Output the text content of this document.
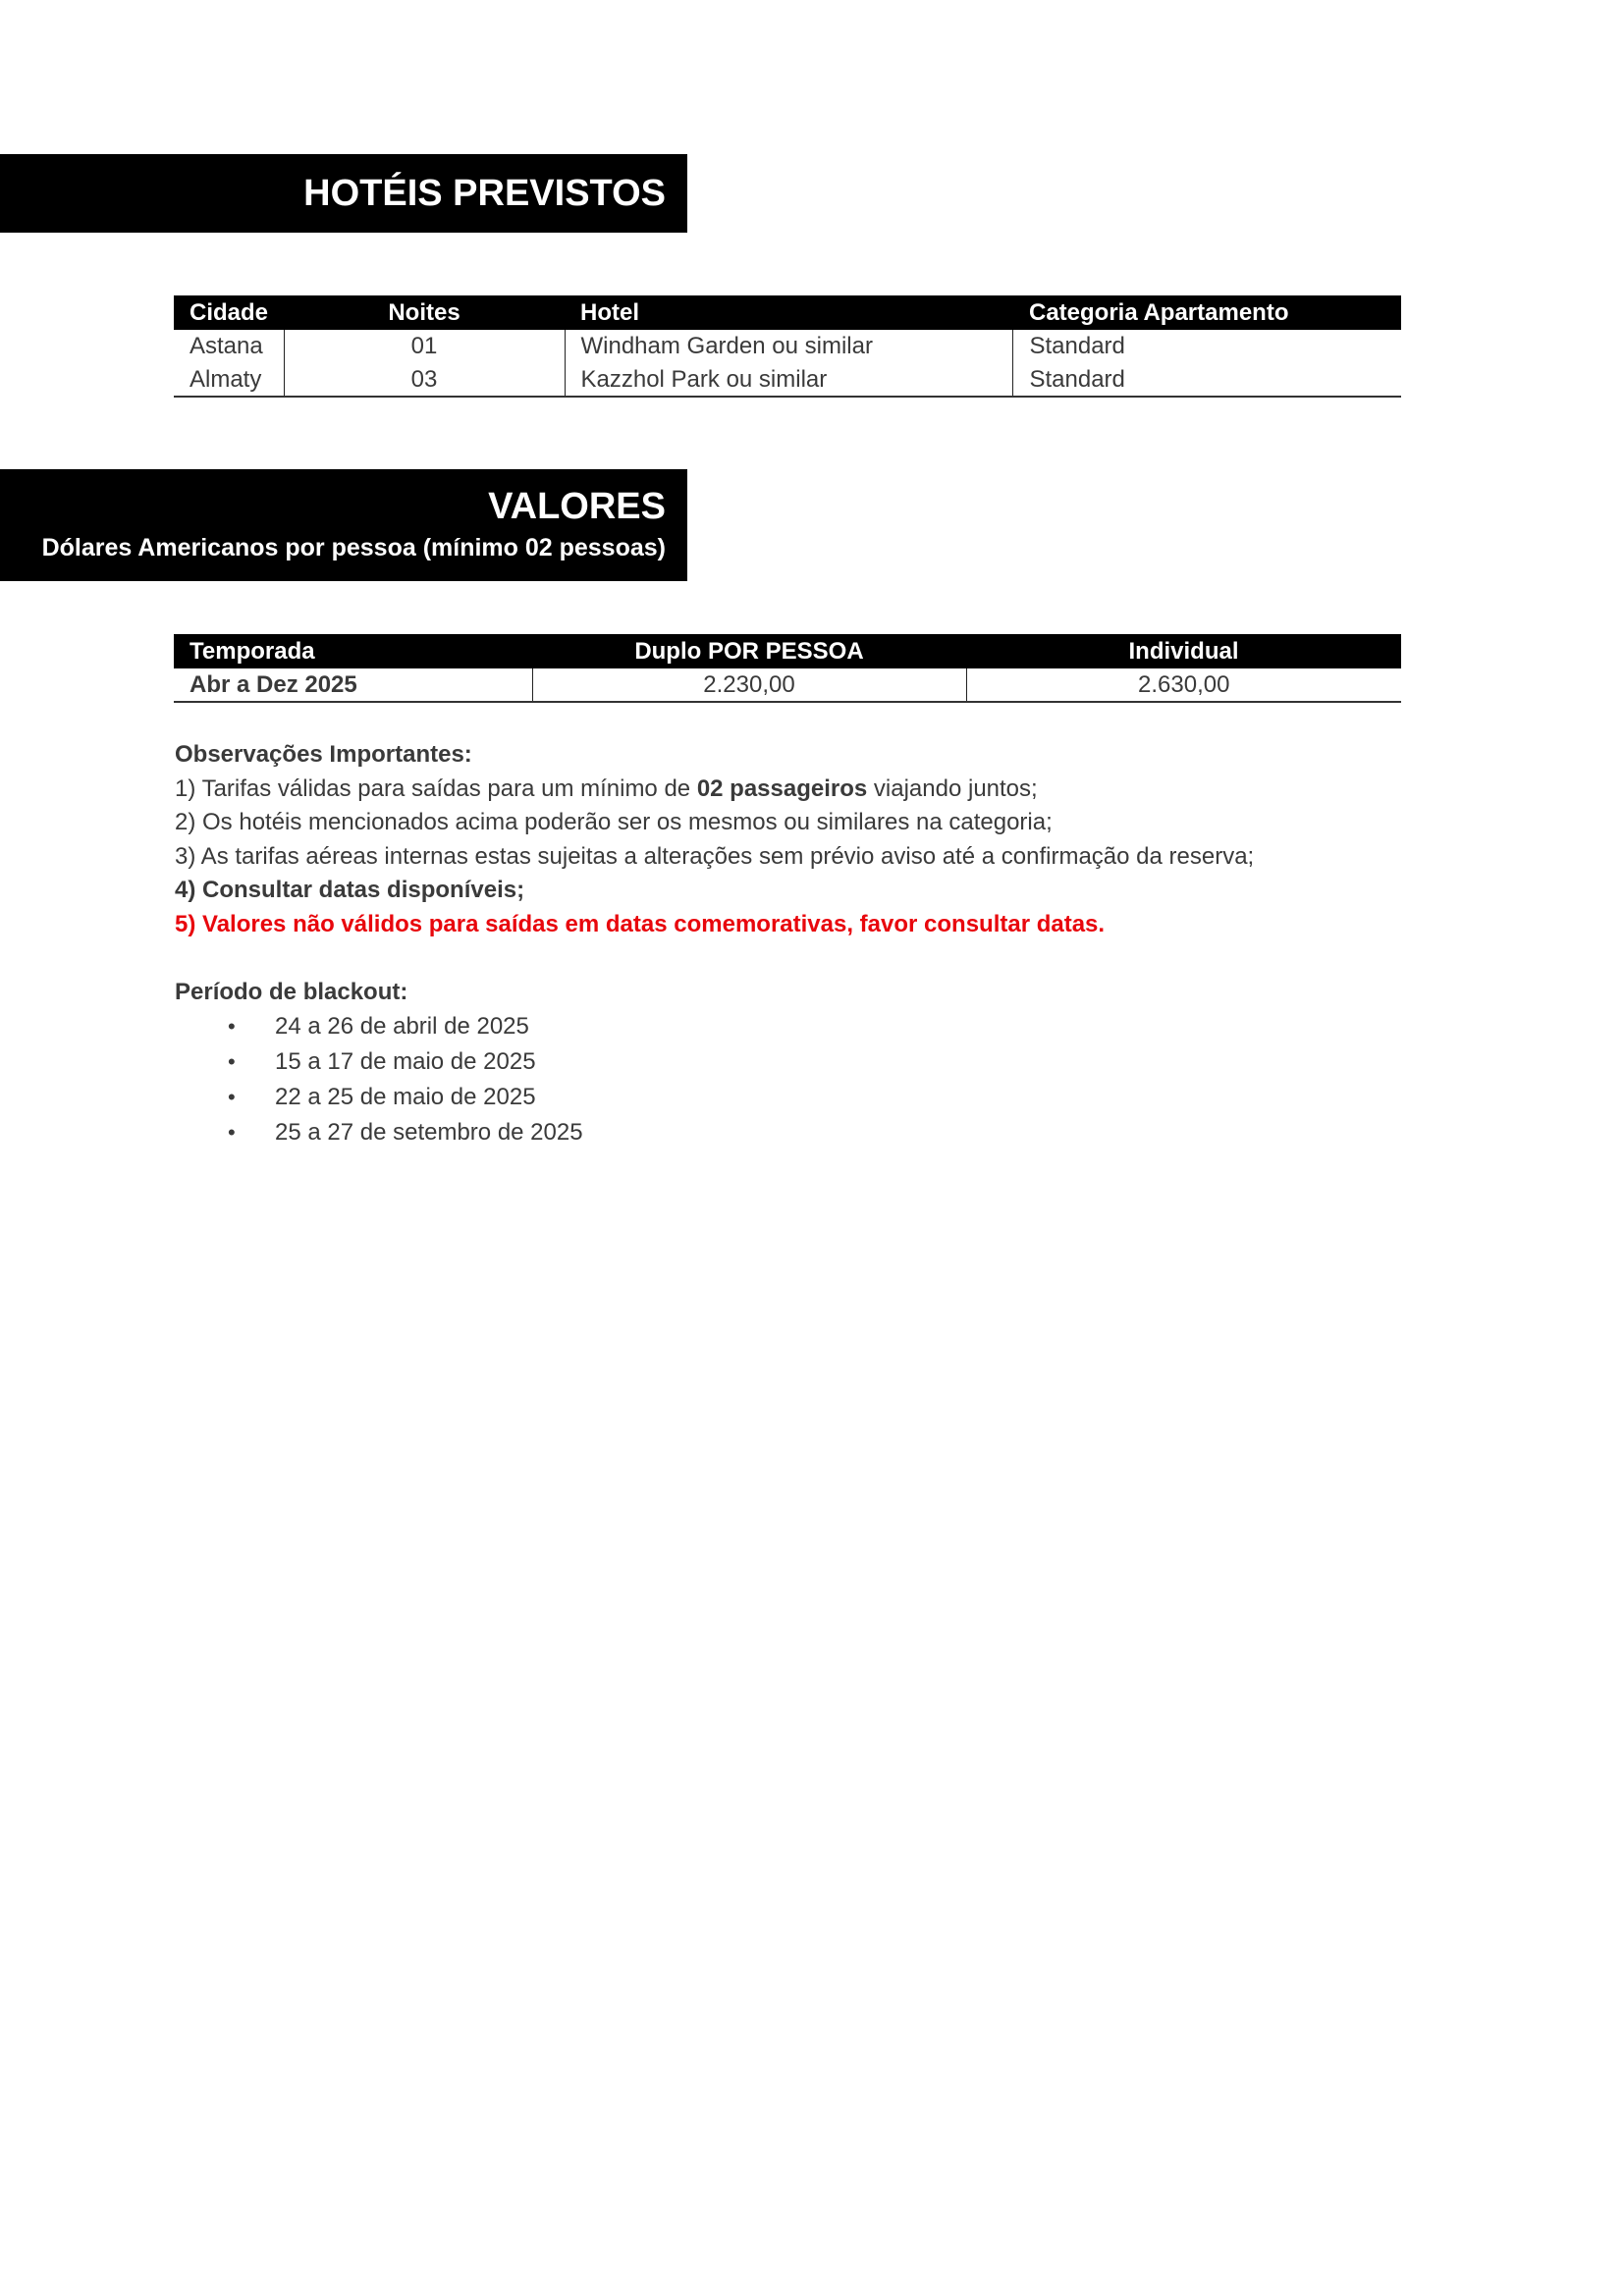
HOTÉIS PREVISTOS
Cidade	Noites	Hotel	Categoria Apartamento
Astana	01	Windham Garden ou similar	Standard
Almaty	03	Kazzhol Park ou similar	Standard
VALORES
Dólares Americanos por pessoa (mínimo 02 pessoas)
Temporada	Duplo POR PESSOA	Individual
Abr a Dez 2025	2.230,00	2.630,00

Observações Importantes:

1) Tarifas válidas para saídas para um mínimo de 02 passageiros viajando juntos;

2) Os hotéis mencionados acima poderão ser os mesmos ou similares na categoria;

3) As tarifas aéreas internas estas sujeitas a alterações sem prévio aviso até a confirmação da reserva;

4) Consultar datas disponíveis;

5) Valores não válidos para saídas em datas comemorativas, favor consultar datas.

Período de blackout:

• 24 a 26 de abril de 2025
• 15 a 17 de maio de 2025
• 22 a 25 de maio de 2025
• 25 a 27 de setembro de 2025
